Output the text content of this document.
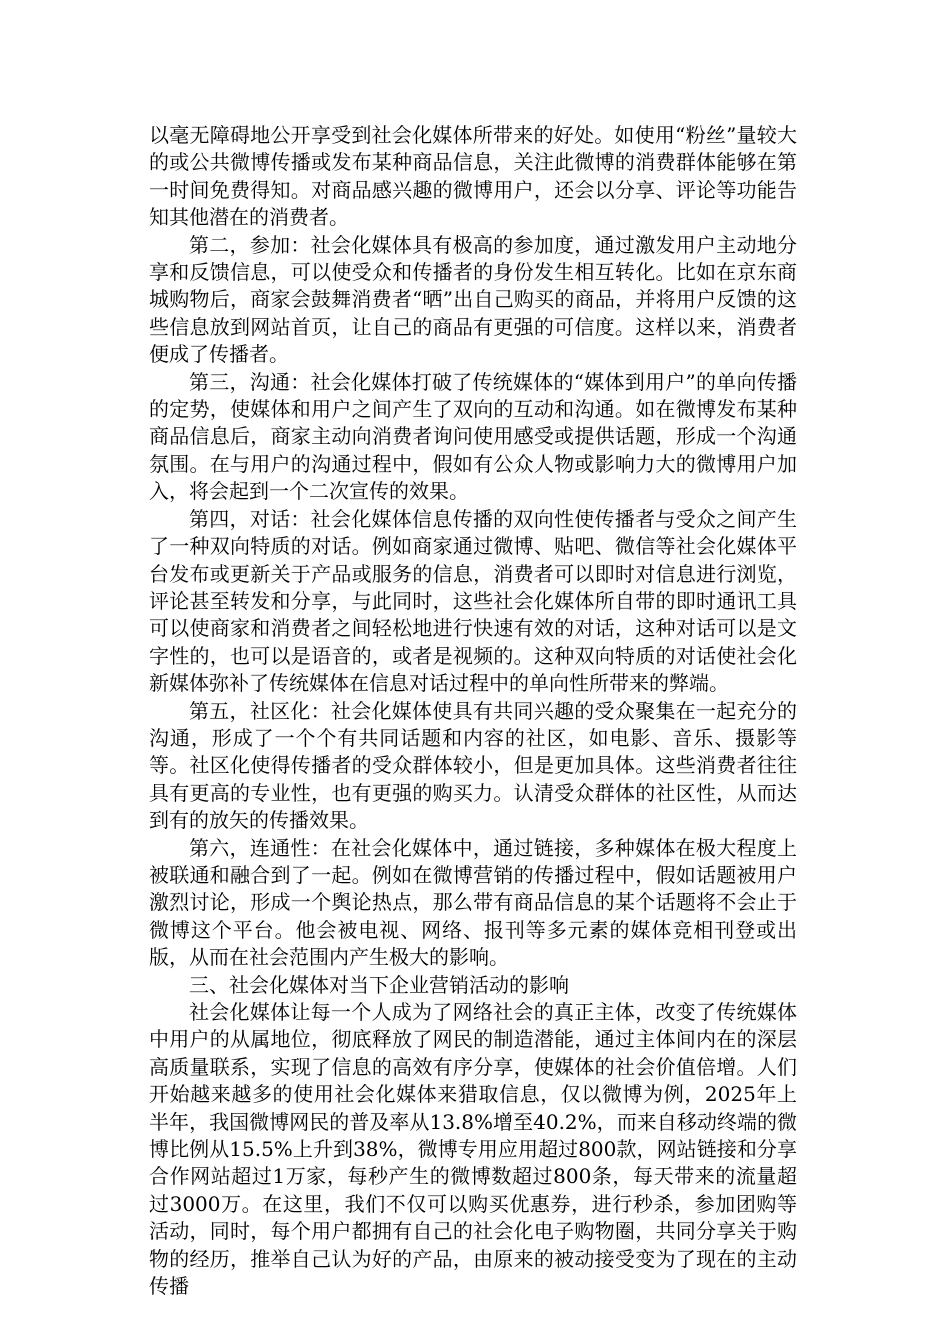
以毫无障碍地公开享受到社会化媒体所带来的好处。如使用“粉丝”量较大的或公共微博传播或发布某种商品信息，关注此微博的消费群体能够在第一时间免费得知。对商品感兴趣的微博用户，还会以分享、评论等功能告知其他潜在的消费者。

第二，参加：社会化媒体具有极高的参加度，通过激发用户主动地分享和反馈信息，可以使受众和传播者的身份发生相互转化。比如在京东商城购物后，商家会鼓舞消费者“晒”出自己购买的商品，并将用户反馈的这些信息放到网站首页，让自己的商品有更强的可信度。这样以来，消费者便成了传播者。

第三，沟通：社会化媒体打破了传统媒体的“媒体到用户”的单向传播的定势，使媒体和用户之间产生了双向的互动和沟通。如在微博发布某种商品信息后，商家主动向消费者询问使用感受或提供话题，形成一个沟通氛围。在与用户的沟通过程中，假如有公众人物或影响力大的微博用户加入，将会起到一个二次宣传的效果。

第四，对话：社会化媒体信息传播的双向性使传播者与受众之间产生了一种双向特质的对话。例如商家通过微博、贴吧、微信等社会化媒体平台发布或更新关于产品或服务的信息，消费者可以即时对信息进行浏览，评论甚至转发和分享，与此同时，这些社会化媒体所自带的即时通讯工具可以使商家和消费者之间轻松地进行快速有效的对话，这种对话可以是文字性的，也可以是语音的，或者是视频的。这种双向特质的对话使社会化新媒体弥补了传统媒体在信息对话过程中的单向性所带来的弊端。

第五，社区化：社会化媒体使具有共同兴趣的受众聚集在一起充分的沟通，形成了一个个有共同话题和内容的社区，如电影、音乐、摄影等等。社区化使得传播者的受众群体较小，但是更加具体。这些消费者往往具有更高的专业性，也有更强的购买力。认清受众群体的社区性，从而达到有的放矢的传播效果。

第六，连通性：在社会化媒体中，通过链接，多种媒体在极大程度上被联通和融合到了一起。例如在微博营销的传播过程中，假如话题被用户激烈讨论，形成一个舆论热点，那么带有商品信息的某个话题将不会止于微博这个平台。他会被电视、网络、报刊等多元素的媒体竞相刊登或出版，从而在社会范围内产生极大的影响。

三、社会化媒体对当下企业营销活动的影响

社会化媒体让每一个人成为了网络社会的真正主体，改变了传统媒体中用户的从属地位，彻底释放了网民的制造潜能，通过主体间内在的深层高质量联系，实现了信息的高效有序分享，使媒体的社会价值倍增。人们开始越来越多的使用社会化媒体来猎取信息，仅以微博为例，2025年上半年，我国微博网民的普及率从13.8%增至40.2%，而来自移动终端的微博比例从15.5%上升到38%，微博专用应用超过800款，网站链接和分享合作网站超过1万家，每秒产生的微博数超过800条，每天带来的流量超过3000万。在这里，我们不仅可以购买优惠券，进行秒杀，参加团购等活动，同时，每个用户都拥有自己的社会化电子购物圈，共同分享关于购物的经历，推举自己认为好的产品，由原来的被动接受变为了现在的主动传播
